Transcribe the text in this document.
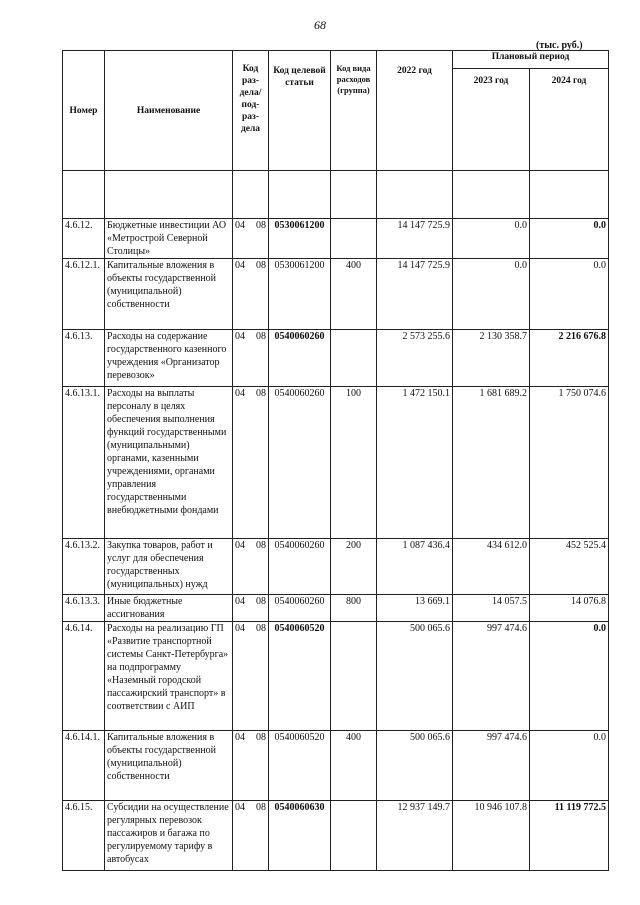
68
(тыс. руб.)
Номер	Наименование	Код раз-дела/ под-раз-дела	Код целевой статьи	Код вида расходов (группа)	2022 год	Плановый период	
						2023 год	2024 год

4.6.12.	Бюджетные инвестиции АО «Метрострой Северной Столицы»	04 08	0530061200		14 147 725.9	0.0	0.0
4.6.12.1.	Капитальные вложения в объекты государственной (муниципальной) собственности	04 08	0530061200	400	14 147 725.9	0.0	0.0
4.6.13.	Расходы на содержание государственного казенного учреждения «Организатор перевозок»	04 08	0540060260		2 573 255.6	2 130 358.7	2 216 676.8
4.6.13.1.	Расходы на выплаты персоналу в целях обеспечения выполнения функций государственными (муниципальными) органами, казенными учреждениями, органами управления государственными внебюджетными фондами	04 08	0540060260	100	1 472 150.1	1 681 689.2	1 750 074.6
4.6.13.2.	Закупка товаров, работ и услуг для обеспечения государственных (муниципальных) нужд	04 08	0540060260	200	1 087 436.4	434 612.0	452 525.4
4.6.13.3.	Иные бюджетные ассигнования	04 08	0540060260	800	13 669.1	14 057.5	14 076.8
4.6.14.	Расходы на реализацию ГП «Развитие транспортной системы Санкт-Петербурга» на подпрограмму «Наземный городской пассажирский транспорт» в соответствии с АИП	04 08	0540060520		500 065.6	997 474.6	0.0
4.6.14.1.	Капитальные вложения в объекты государственной (муниципальной) собственности	04 08	0540060520	400	500 065.6	997 474.6	0.0
4.6.15.	Субсидии на осуществление регулярных перевозок пассажиров и багажа по регулируемому тарифу в автобусах	04 08	0540060630		12 937 149.7	10 946 107.8	11 119 772.5
